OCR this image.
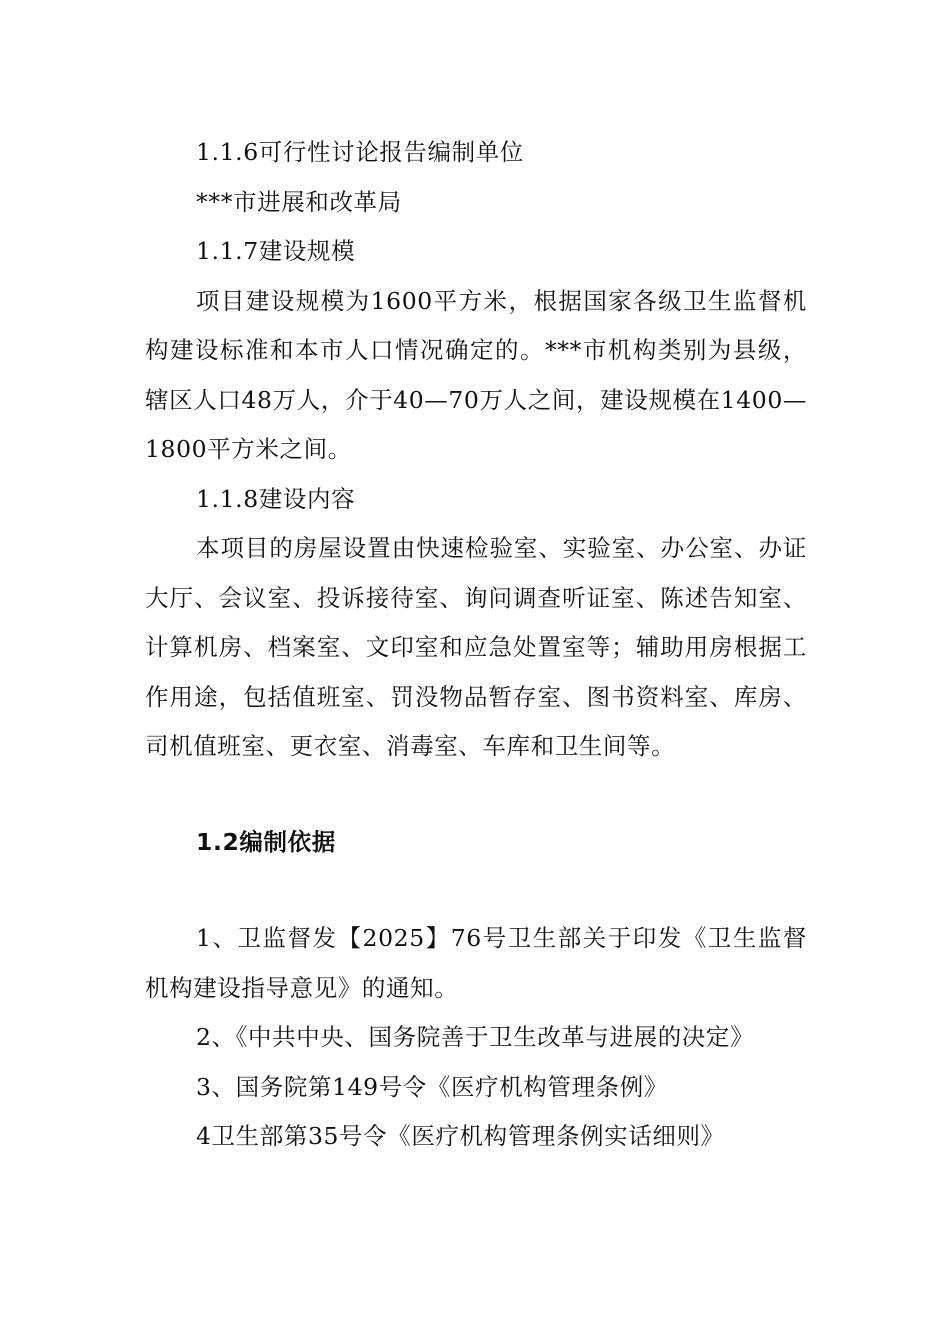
1.1.6可行性讨论报告编制单位

***市进展和改革局

1.1.7建设规模

项目建设规模为1600平方米，根据国家各级卫生监督机构建设标准和本市人口情况确定的。***市机构类别为县级，辖区人口48万人，介于40—70万人之间，建设规模在1400—1800平方米之间。

1.1.8建设内容

本项目的房屋设置由快速检验室、实验室、办公室、办证大厅、会议室、投诉接待室、询问调查听证室、陈述告知室、计算机房、档案室、文印室和应急处置室等；辅助用房根据工作用途，包括值班室、罚没物品暂存室、图书资料室、库房、司机值班室、更衣室、消毒室、车库和卫生间等。

1.2编制依据

1、卫监督发【2025】76号卫生部关于印发《卫生监督机构建设指导意见》的通知。

2、《中共中央、国务院善于卫生改革与进展的决定》

3、国务院第149号令《医疗机构管理条例》

4卫生部第35号令《医疗机构管理条例实话细则》
